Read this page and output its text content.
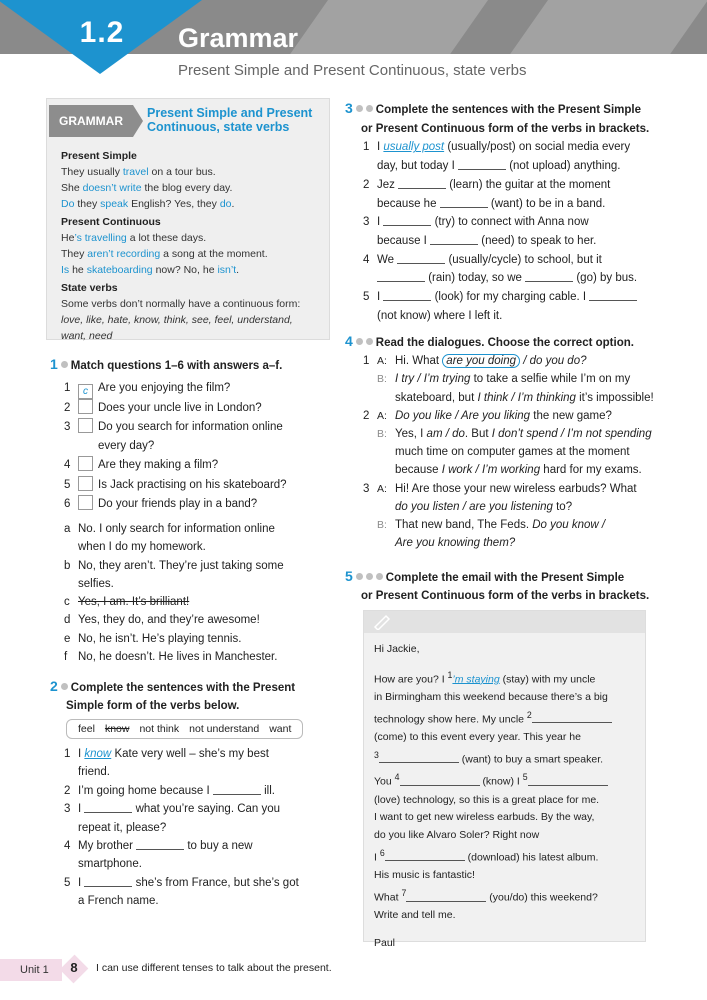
1.2	Grammar
Present Simple and Present Continuous, state verbs
GRAMMAR
Present Simple and Present
Continuous, state verbs
Present Simple
They usually travel on a tour bus.
She doesn’t write the blog every day.
Do they speak English? Yes, they do.
Present Continuous
He’s travelling a lot these days.
They aren’t recording a song at the moment.
Is he skateboarding now? No, he isn’t.
State verbs
Some verbs don’t normally have a continuous form:
love, like, hate, know, think, see, feel, understand,
want, need
1 Match questions 1–6 with answers a–f.
1 c Are you enjoying the film?
2 Does your uncle live in London?
3 Do you search for information online
every day?
4 Are they making a film?
5 Is Jack practising on his skateboard?
6 Do your friends play in a band?
a No. I only search for information online
when I do my homework.
b No, they aren’t. They’re just taking some
selfies.
c Yes, I am. It’s brilliant!
d Yes, they do, and they’re awesome!
e No, he isn’t. He’s playing tennis.
f No, he doesn’t. He lives in Manchester.
2 Complete the sentences with the Present
Simple form of the verbs below.
feel know not think not understand want
1 I know Kate very well – she’s my best
friend.
2 I’m going home because I	ill.
3 I	what you’re saying. Can you
repeat it, please?
4 My brother	to buy a new
smartphone.
5 I	she’s from France, but she’s got
a French name.
3 Complete the sentences with the Present Simple
or Present Continuous form of the verbs in brackets.
1 I usually post (usually/post) on social media every
day, but today I	(not upload) anything.
2 Jez	(learn) the guitar at the moment
because he	(want) to be in a band.
3 I	(try) to connect with Anna now
because I	(need) to speak to her.
4 We	(usually/cycle) to school, but it
(rain) today, so we	(go) by bus.
5 I	(look) for my charging cable. I
(not know) where I left it.
4 Read the dialogues. Choose the correct option.
1 A: Hi. What are you doing / do you do?
B: I try / I’m trying to take a selfie while I’m on my
skateboard, but I think / I’m thinking it’s impossible!
2 A: Do you like / Are you liking the new game?
B: Yes, I am / do. But I don’t spend / I’m not spending
much time on computer games at the moment
because I work / I’m working hard for my exams.
3 A: Hi! Are those your new wireless earbuds? What
do you listen / are you listening to?
B: That new band, The Feds. Do you know /
Are you knowing them?
5	Complete the email with the Present Simple
or Present Continuous form of the verbs in brackets.
Hi Jackie,
How are you? I $^1$’m staying (stay) with my uncle
in Birmingham this weekend because there’s a big
technology show here. My uncle $^2$
(come) to this event every year. This year he
$^3$	(want) to buy a smart speaker.
You $^4$	(know) I $^5$
(love) technology, so this is a great place for me.
I want to get new wireless earbuds. By the way,
do you like Alvaro Soler? Right now
I $^6$	(download) his latest album.
His music is fantastic!
What $^7$	(you/do) this weekend?
Write and tell me.
Paul
Unit 1	8	I can use different tenses to talk about the present.
